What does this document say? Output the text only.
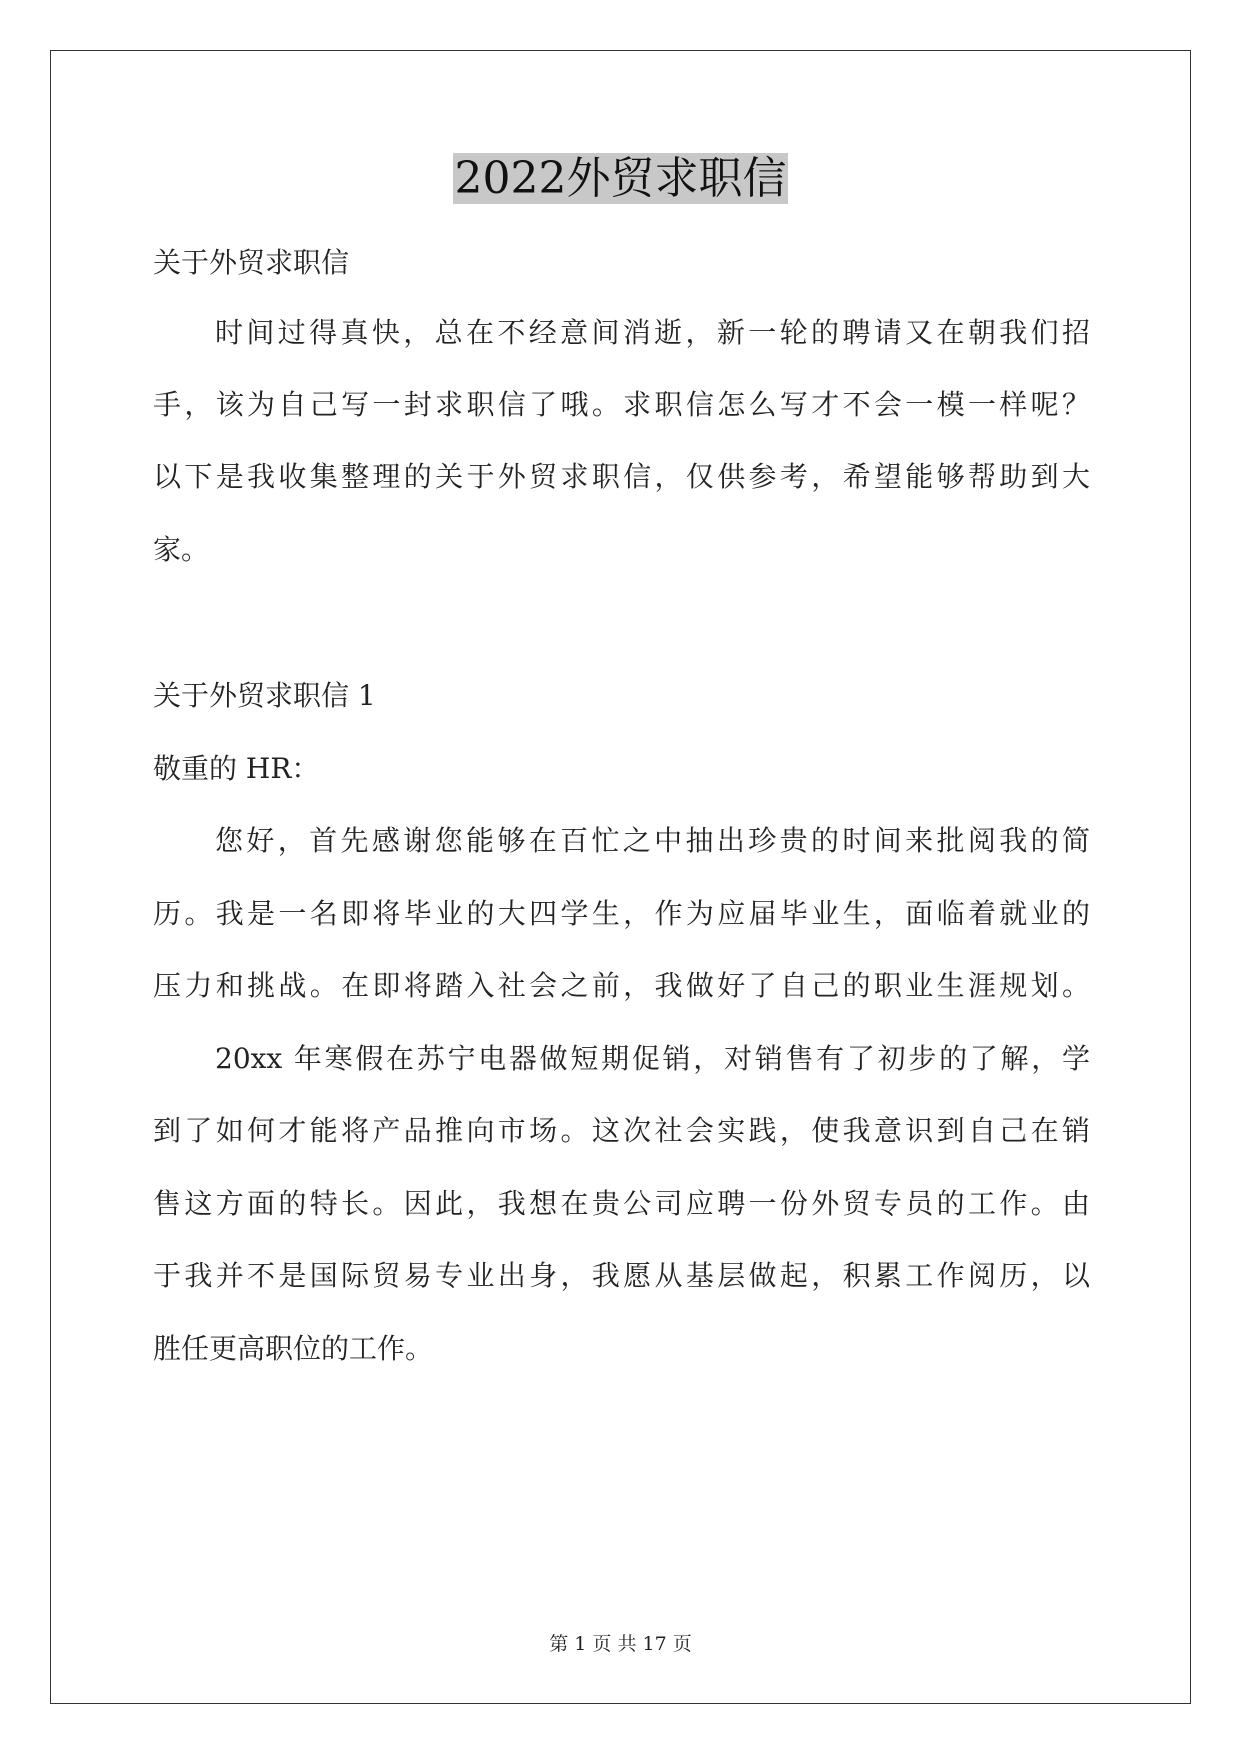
2022外贸求职信

关于外贸求职信

时间过得真快，总在不经意间消逝，新一轮的聘请又在朝我们招

手，该为自己写一封求职信了哦。求职信怎么写才不会一模一样呢？

以下是我收集整理的关于外贸求职信，仅供参考，希望能够帮助到大

家。

关于外贸求职信 1

敬重的 HR：

您好，首先感谢您能够在百忙之中抽出珍贵的时间来批阅我的简

历。我是一名即将毕业的大四学生，作为应届毕业生，面临着就业的

压力和挑战。在即将踏入社会之前，我做好了自己的职业生涯规划。

20xx 年寒假在苏宁电器做短期促销，对销售有了初步的了解，学

到了如何才能将产品推向市场。这次社会实践，使我意识到自己在销

售这方面的特长。因此，我想在贵公司应聘一份外贸专员的工作。由

于我并不是国际贸易专业出身，我愿从基层做起，积累工作阅历，以

胜任更高职位的工作。

第 1 页 共 17 页
